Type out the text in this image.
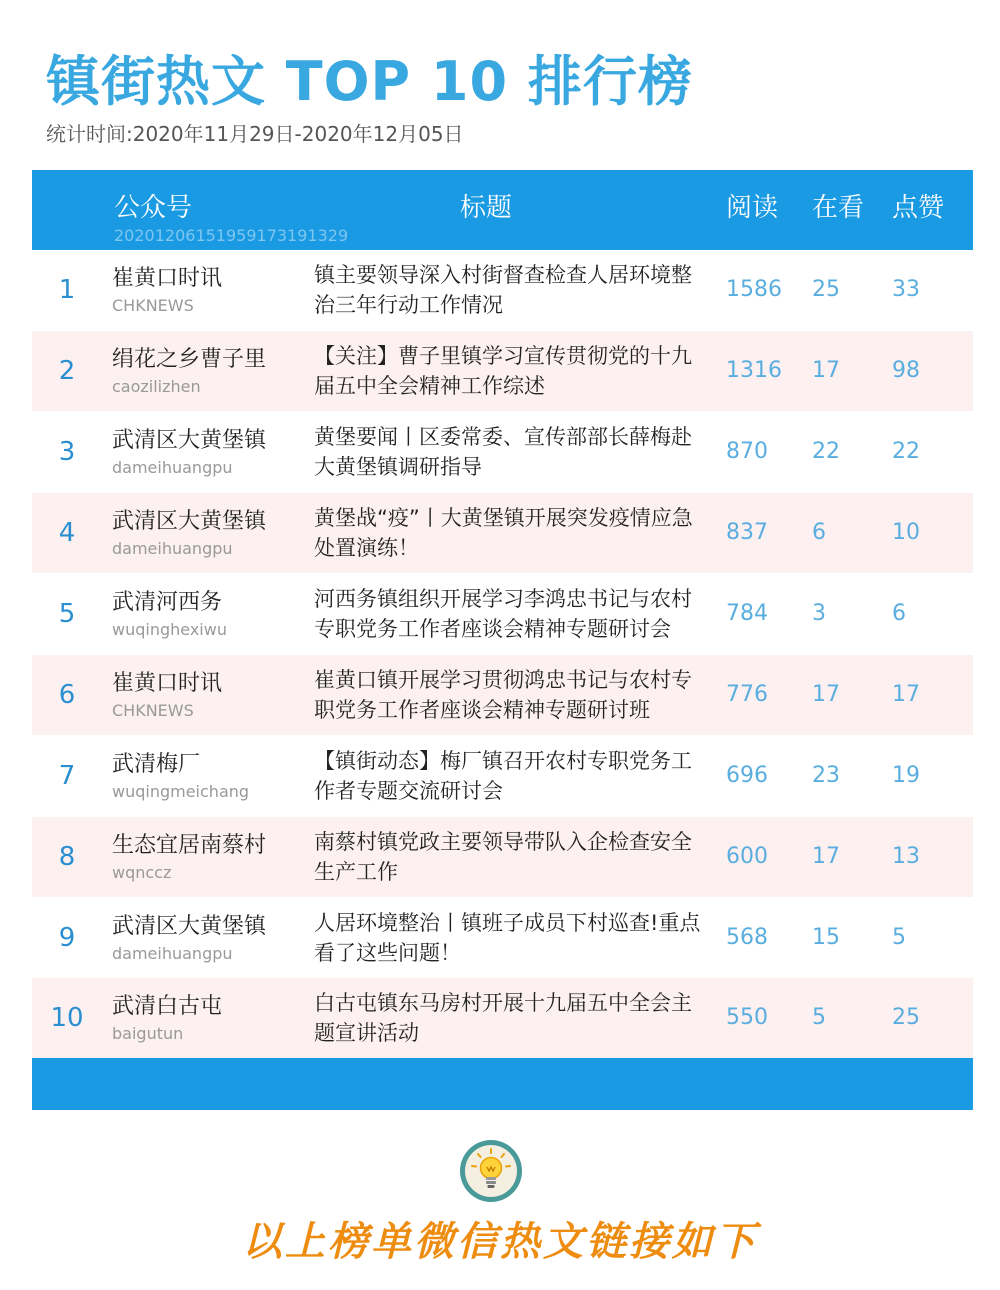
镇街热文 TOP 10 排行榜
统计时间:2020年11月29日-2020年12月05日
公众号	标题	阅读 在看 点赞
20201206151959173191329
1	崔黄口时讯
CHKNEWS
镇主要领导深入村街督查检查人居环境整治三年行动工作情况
1586 25 33
2	绢花之乡曹子里
caozilizhen
【关注】曹子里镇学习宣传贯彻党的十九届五中全会精神工作综述
1316 17 98
3	武清区大黄堡镇
dameihuangpu
黄堡要闻丨区委常委、宣传部部长薛梅赴大黄堡镇调研指导
870 22 22
4	武清区大黄堡镇
dameihuangpu
黄堡战“疫”丨大黄堡镇开展突发疫情应急处置演练！
837 6	10
5	武清河西务
wuqinghexiwu
河西务镇组织开展学习李鸿忠书记与农村专职党务工作者座谈会精神专题研讨会
784 3	6
6	崔黄口时讯
CHKNEWS
崔黄口镇开展学习贯彻鸿忠书记与农村专职党务工作者座谈会精神专题研讨班
776 17 17
7	武清梅厂
wuqingmeichang
【镇街动态】梅厂镇召开农村专职党务工作者专题交流研讨会
696 23 19
8	生态宜居南蔡村
wqnccz
南蔡村镇党政主要领导带队入企检查安全生产工作
600 17 13
9	武清区大黄堡镇
dameihuangpu
人居环境整治丨镇班子成员下村巡查!重点看了这些问题！
568 15 5
10	武清白古屯
baigutun
白古屯镇东马房村开展十九届五中全会主题宣讲活动
550 5	25
以上榜单微信热文链接如下
